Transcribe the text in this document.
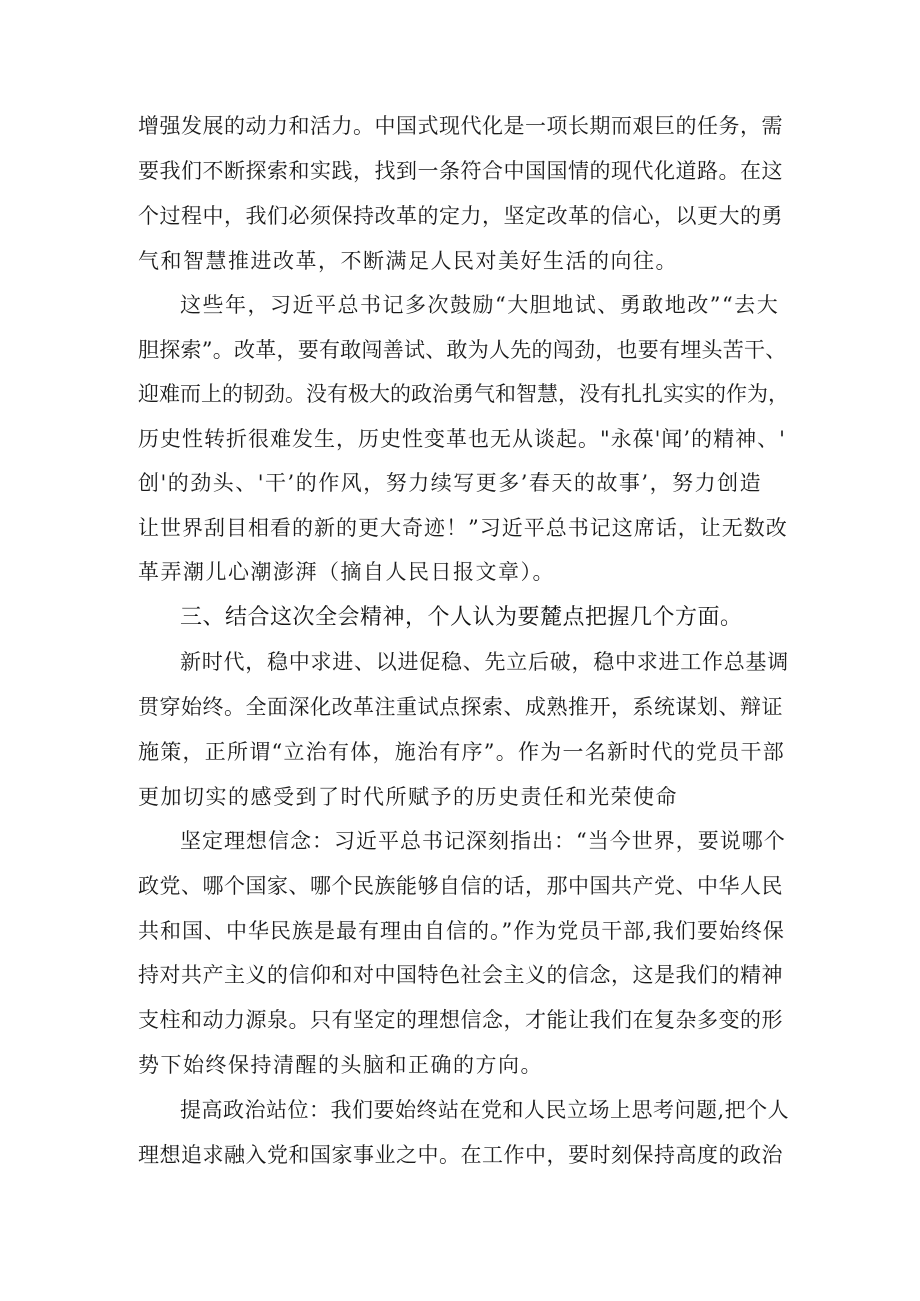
增强发展的动力和活力。中国式现代化是一项长期而艰巨的任务，需

要我们不断探索和实践，找到一条符合中国国情的现代化道路。在这

个过程中，我们必须保持改革的定力，坚定改革的信心，以更大的勇

气和智慧推进改革，不断满足人民对美好生活的向往。

这些年，习近平总书记多次鼓励“大胆地试、勇敢地改”“去大

胆探索”。改革，要有敢闯善试、敢为人先的闯劲，也要有埋头苦干、

迎难而上的韧劲。没有极大的政治勇气和智慧，没有扎扎实实的作为，

历史性转折很难发生，历史性变革也无从谈起。"永葆'闻’的精神、'

创'的劲头、'干’的作风，努力续写更多’春天的故事’，努力创造

让世界刮目相看的新的更大奇迹！”习近平总书记这席话，让无数改

革弄潮儿心潮澎湃（摘自人民日报文章）。

三、结合这次全会精神，个人认为要麓点把握几个方面。

新时代，稳中求进、以进促稳、先立后破，稳中求进工作总基调

贯穿始终。全面深化改革注重试点探索、成熟推开，系统谋划、辩证

施策，正所谓“立治有体，施治有序”。作为一名新时代的党员干部

更加切实的感受到了时代所赋予的历史责任和光荣使命

坚定理想信念：习近平总书记深刻指出：“当今世界，要说哪个

政党、哪个国家、哪个民族能够自信的话，那中国共产党、中华人民

共和国、中华民族是最有理由自信的。”作为党员干部,我们要始终保

持对共产主义的信仰和对中国特色社会主义的信念，这是我们的精神

支柱和动力源泉。只有坚定的理想信念，才能让我们在复杂多变的形

势下始终保持清醒的头脑和正确的方向。

提高政治站位：我们要始终站在党和人民立场上思考问题,把个人

理想追求融入党和国家事业之中。在工作中，要时刻保持高度的政治
